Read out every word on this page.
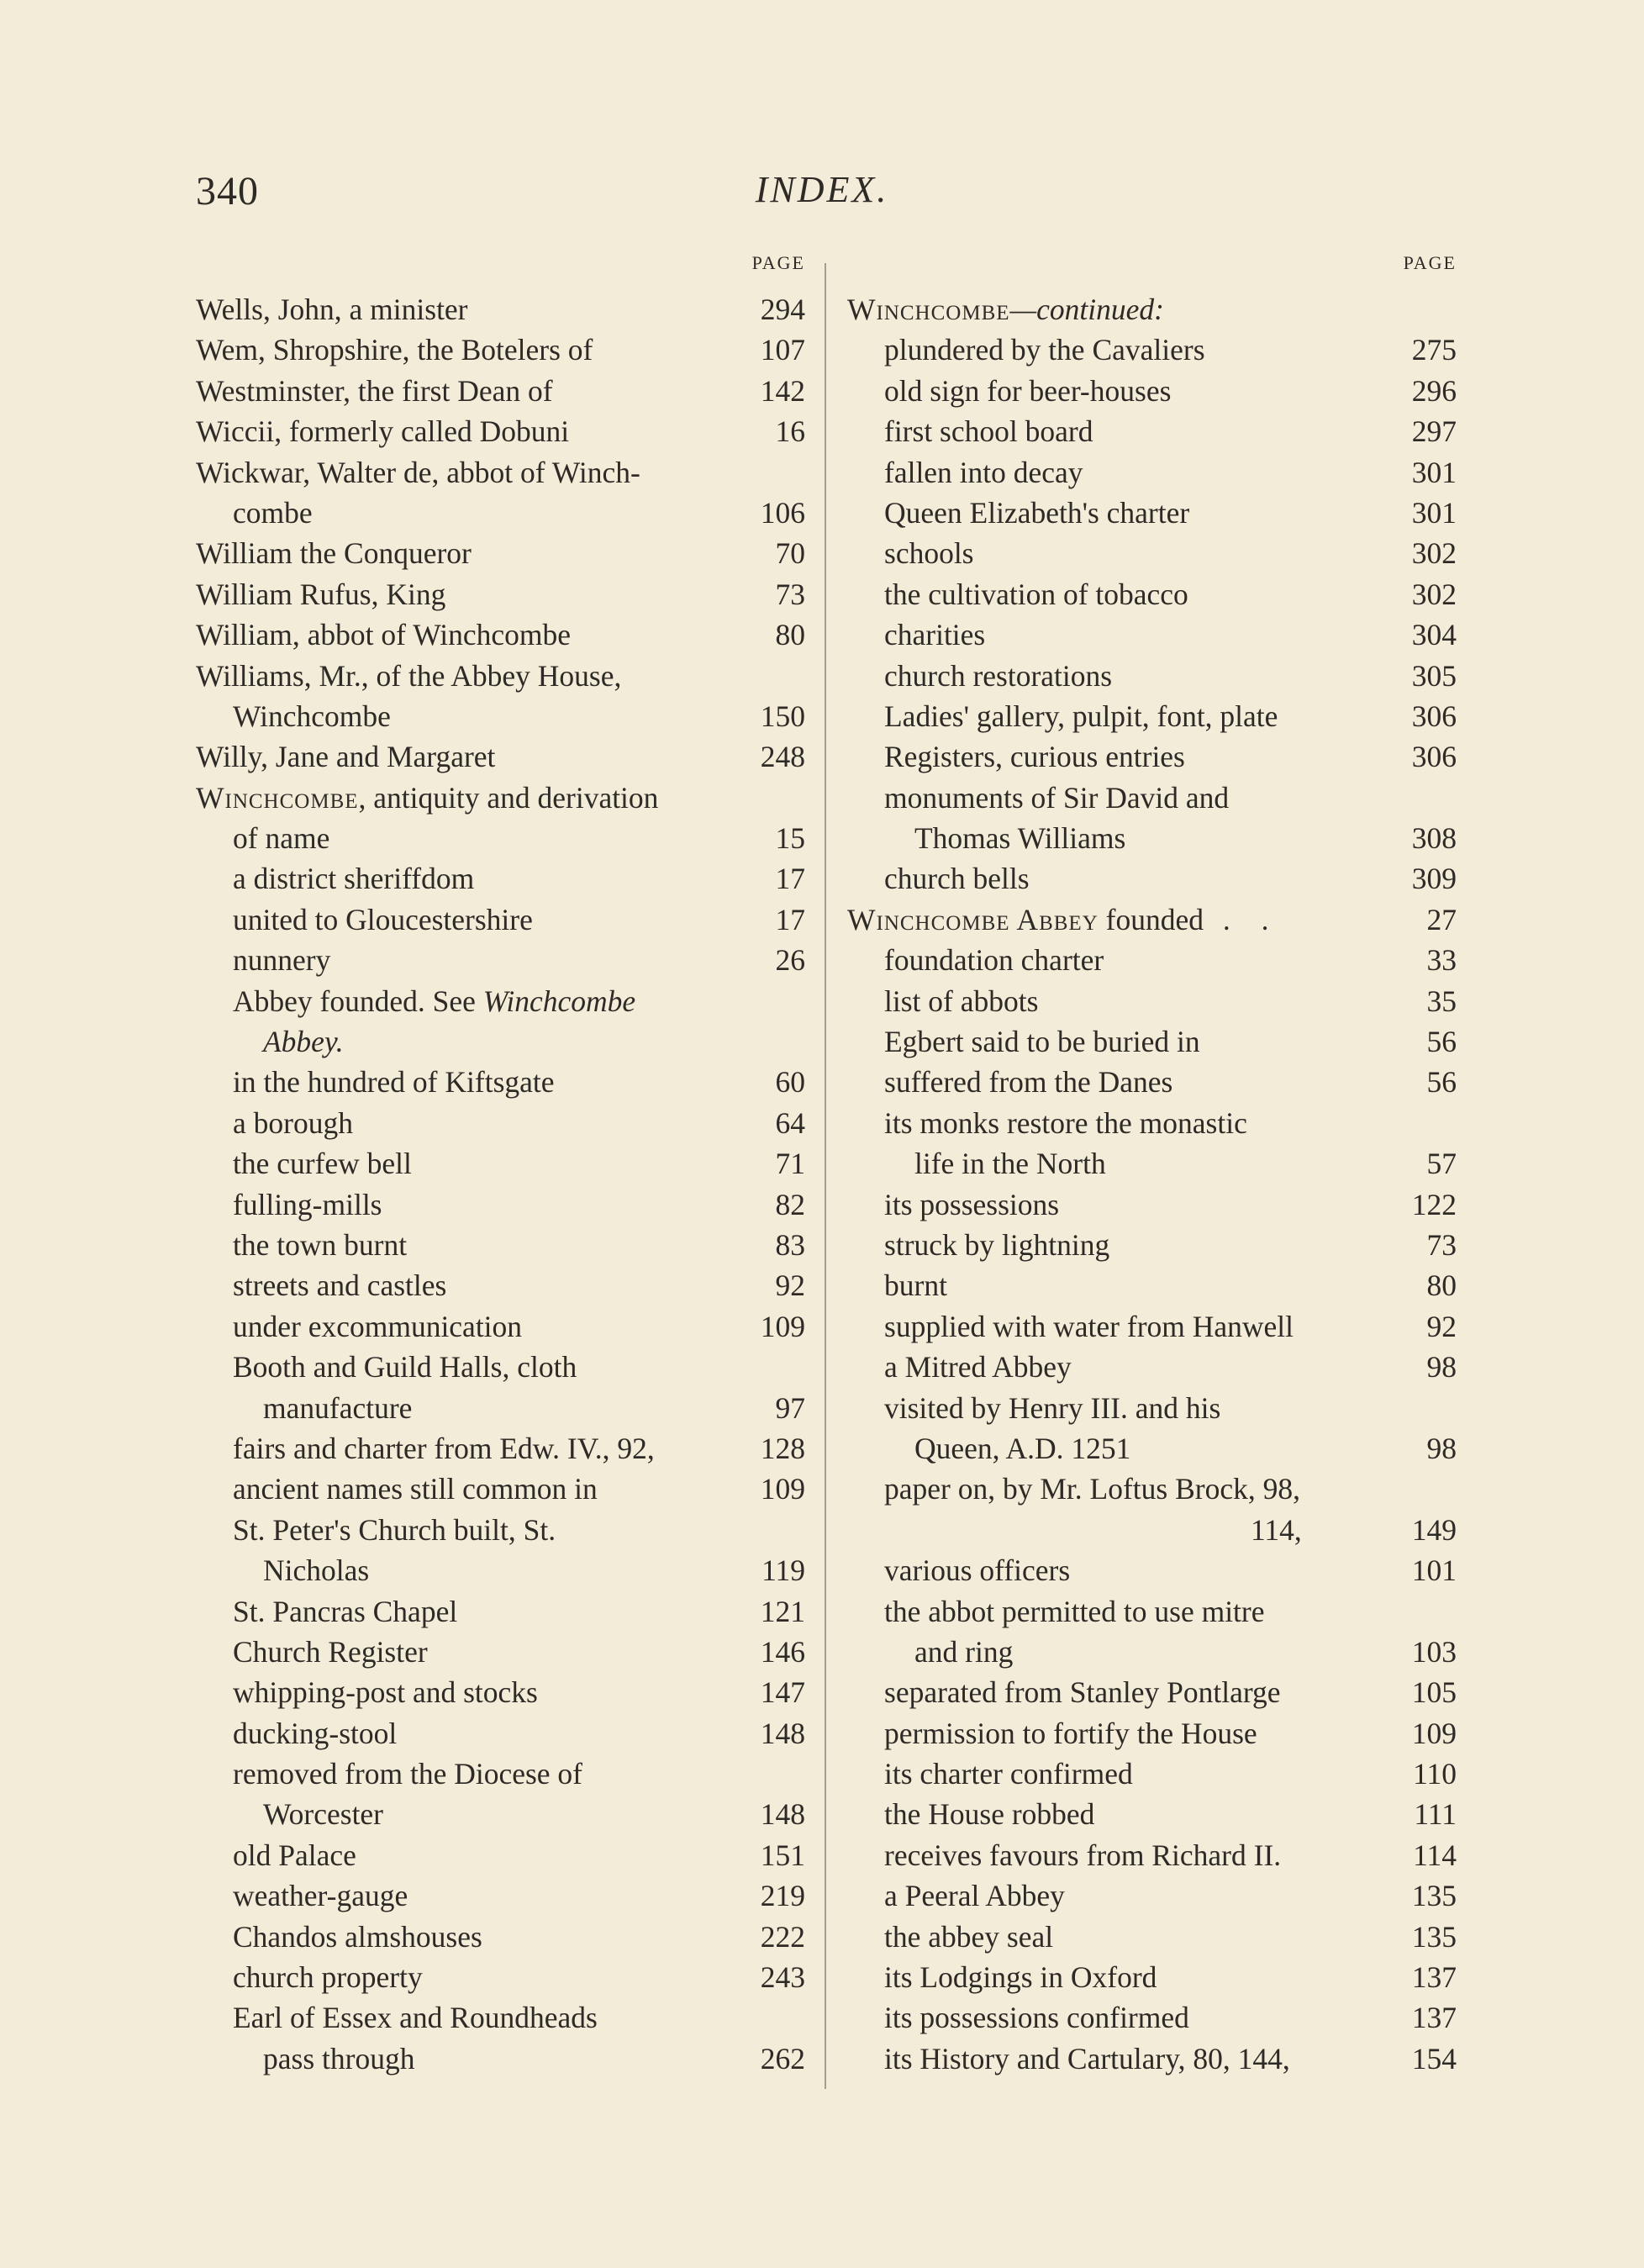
340	INDEX.
PAGE
Wells, John, a minister	294
Wem, Shropshire, the Botelers of	107
Westminster, the first Dean of	142
Wiccii, formerly called Dobuni	16
Wickwar, Walter de, abbot of Winch-
combe	106
William the Conqueror	70
William Rufus, King	73
William, abbot of Winchcombe	80
Williams, Mr., of the Abbey House,
Winchcombe	150
Willy, Jane and Margaret	248
Winchcombe, antiquity and derivation
of name	15
a district sheriffdom	17
united to Gloucestershire	17
nunnery	26
Abbey founded. See Winchcombe
Abbey.
in the hundred of Kiftsgate	60
a borough	64
the curfew bell	71
fulling-mills	82
the town burnt	83
streets and castles	92
under excommunication	109
Booth and Guild Halls, cloth
manufacture	97
fairs and charter from Edw. IV., 92,	128
ancient names still common in	109
St. Peter's Church built, St.
Nicholas	119
St. Pancras Chapel	121
Church Register	146
whipping-post and stocks	147
ducking-stool	148
removed from the Diocese of
Worcester	148
old Palace	151
weather-gauge	219
Chandos almshouses	222
church property	243
Earl of Essex and Roundheads
pass through	262
PAGE
Winchcombe—continued:
plundered by the Cavaliers	275
old sign for beer-houses	296
first school board	297
fallen into decay	301
Queen Elizabeth's charter	301
schools	302
the cultivation of tobacco	302
charities	304
church restorations	305
Ladies' gallery, pulpit, font, plate	306
Registers, curious entries	306
monuments of Sir David and
Thomas Williams	308
church bells	309
Winchcombe Abbey founded . .	27
foundation charter	33
list of abbots	35
Egbert said to be buried in	56
suffered from the Danes	56
its monks restore the monastic
life in the North	57
its possessions	122
struck by lightning	73
burnt	80
supplied with water from Hanwell	92
a Mitred Abbey	98
visited by Henry III. and his
Queen, A.D. 1251	98
paper on, by Mr. Loftus Brock, 98,
114,	149
various officers	101
the abbot permitted to use mitre
and ring	103
separated from Stanley Pontlarge	105
permission to fortify the House	109
its charter confirmed	110
the House robbed	111
receives favours from Richard II.	114
a Peeral Abbey	135
the abbey seal	135
its Lodgings in Oxford	137
its possessions confirmed	137
its History and Cartulary, 80, 144,	154
